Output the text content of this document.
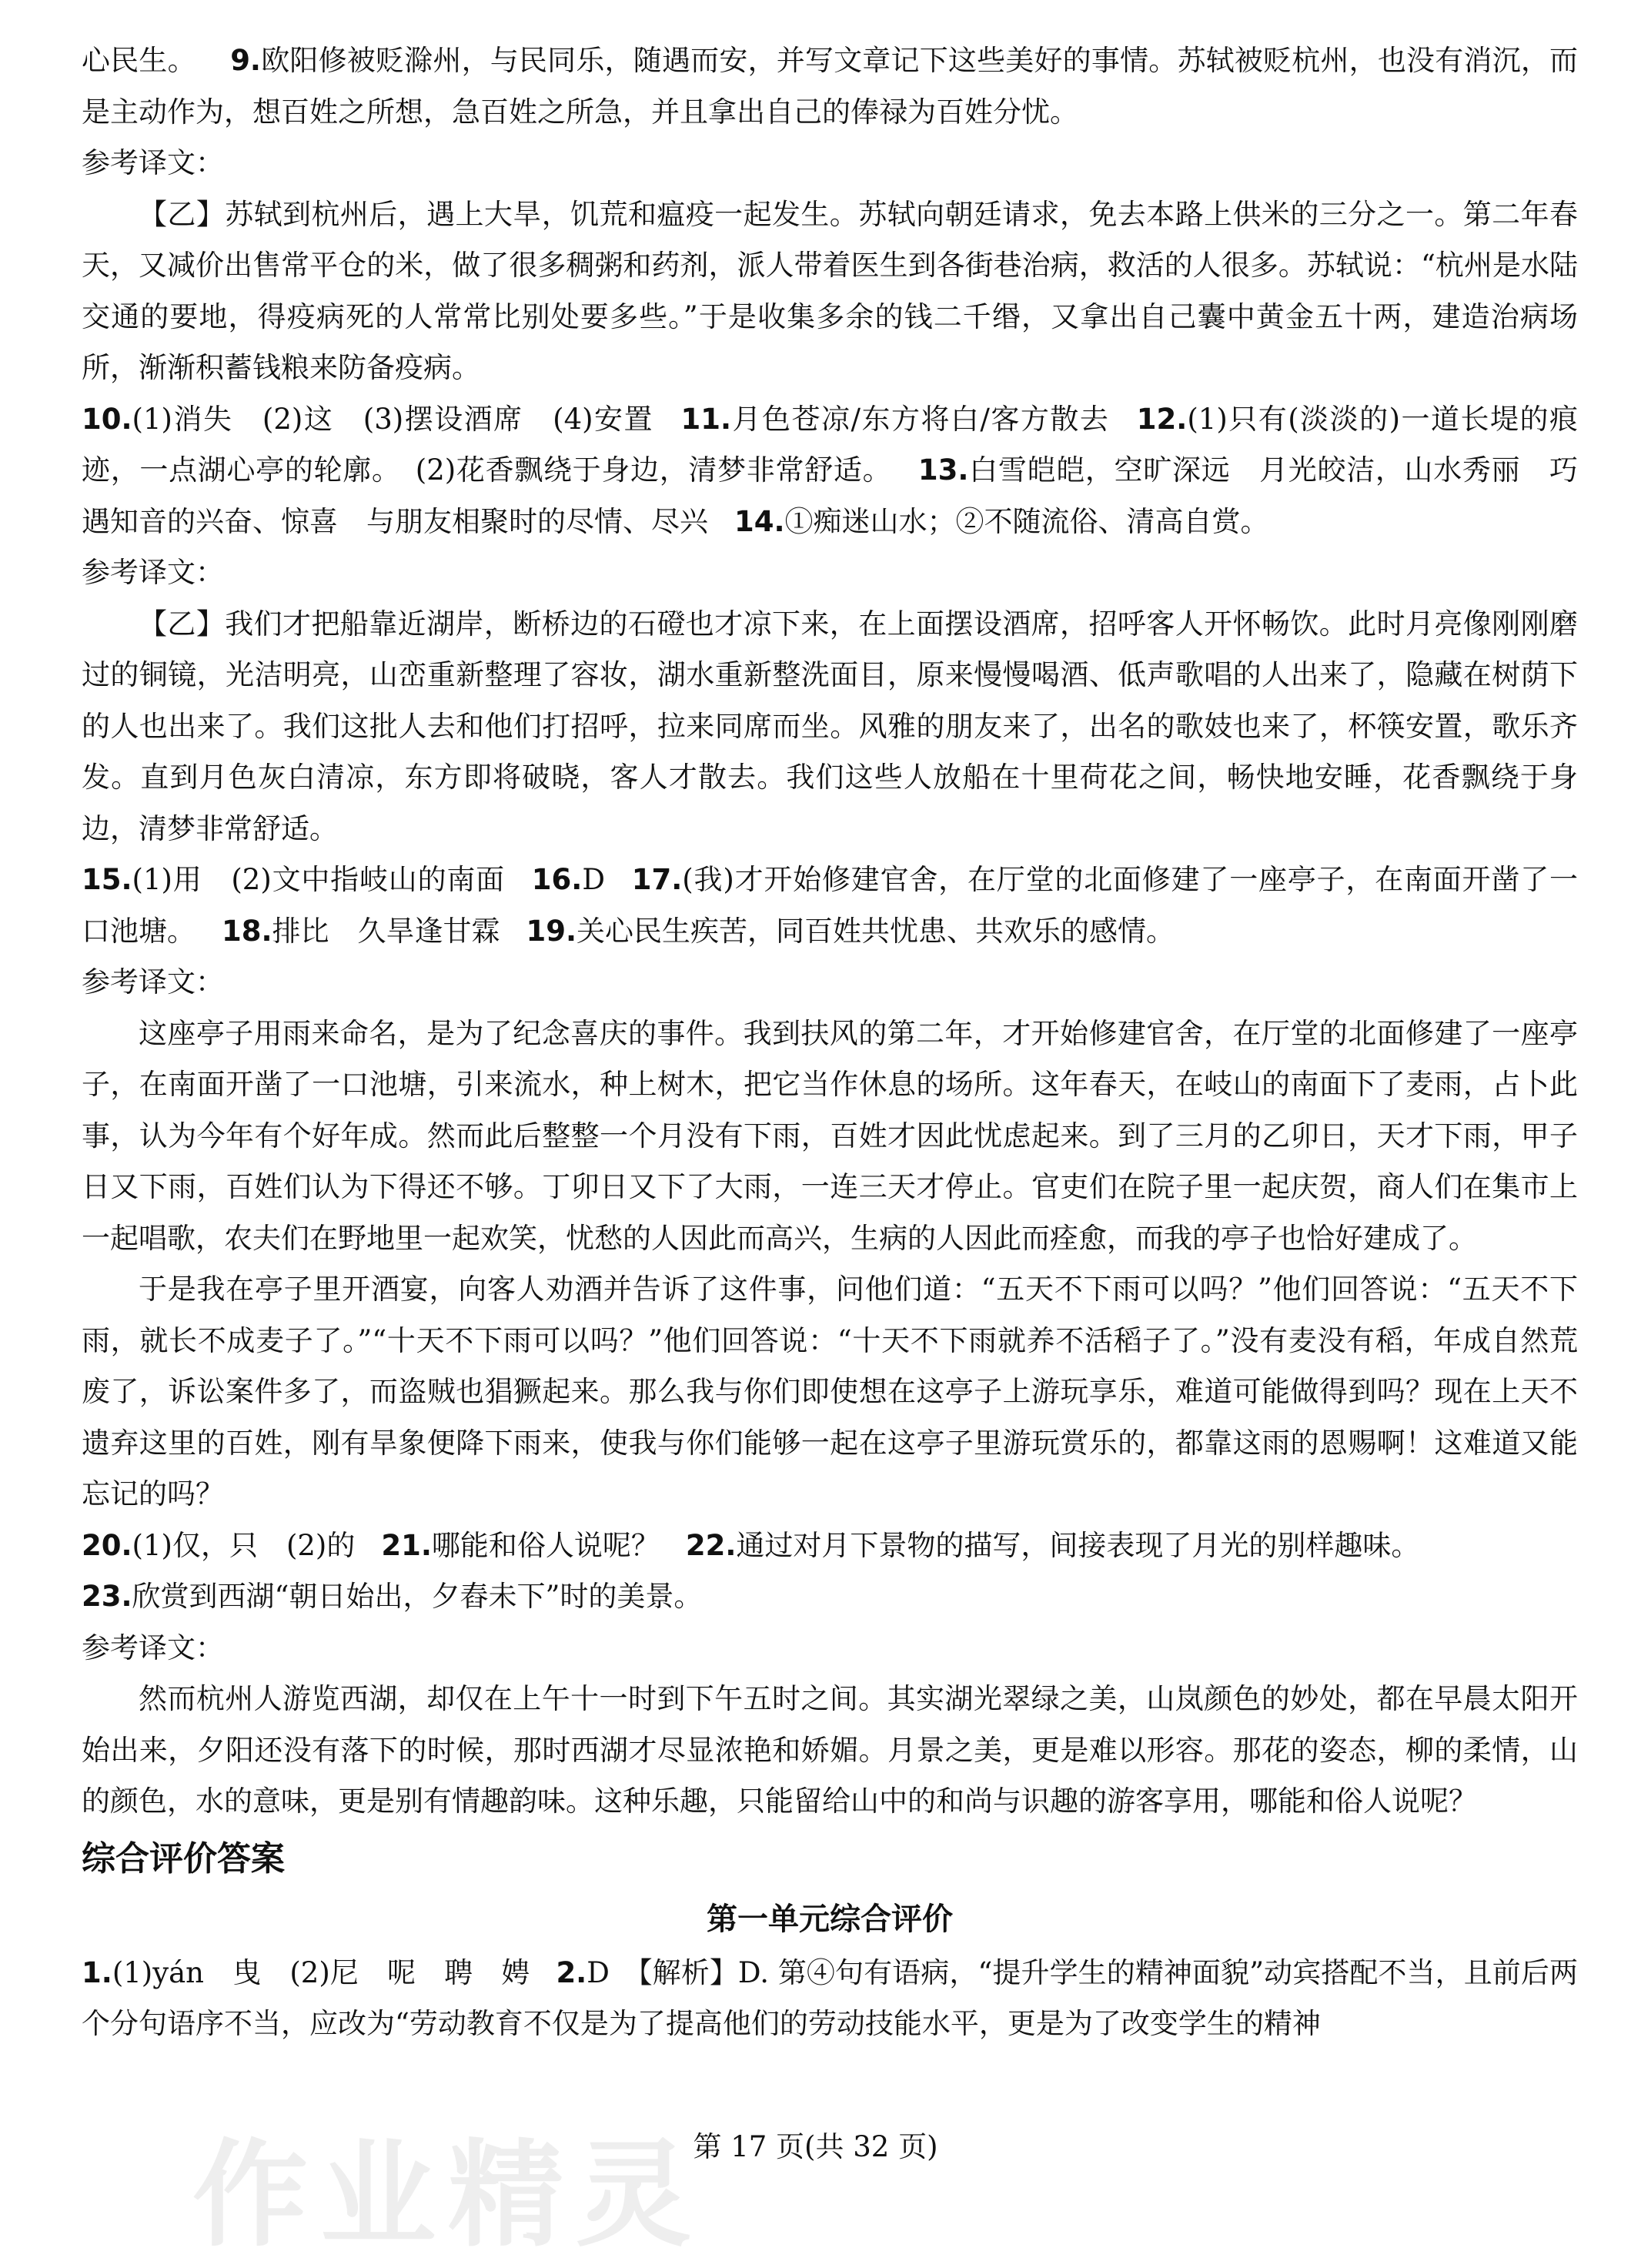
心民生。 9.欧阳修被贬滁州，与民同乐，随遇而安，并写文章记下这些美好的事情。苏轼被贬杭州，也没有消沉，而是主动作为，想百姓之所想，急百姓之所急，并且拿出自己的俸禄为百姓分忧。

参考译文：

【乙】苏轼到杭州后，遇上大旱，饥荒和瘟疫一起发生。苏轼向朝廷请求，免去本路上供米的三分之一。第二年春天，又减价出售常平仓的米，做了很多稠粥和药剂，派人带着医生到各街巷治病，救活的人很多。苏轼说：“杭州是水陆交通的要地，得疫病死的人常常比别处要多些。”于是收集多余的钱二千缗，又拿出自己囊中黄金五十两，建造治病场所，渐渐积蓄钱粮来防备疫病。

10.(1)消失　(2)这　(3)摆设酒席　(4)安置 11.月色苍凉/东方将白/客方散去 12.(1)只有(淡淡的)一道长堤的痕迹，一点湖心亭的轮廓。　(2)花香飘绕于身边，清梦非常舒适。 13.白雪皑皑，空旷深远　月光皎洁，山水秀丽　巧遇知音的兴奋、惊喜　与朋友相聚时的尽情、尽兴 14.①痴迷山水；②不随流俗、清高自赏。

参考译文：

【乙】我们才把船靠近湖岸，断桥边的石磴也才凉下来，在上面摆设酒席，招呼客人开怀畅饮。此时月亮像刚刚磨过的铜镜，光洁明亮，山峦重新整理了容妆，湖水重新整洗面目，原来慢慢喝酒、低声歌唱的人出来了，隐藏在树荫下的人也出来了。我们这批人去和他们打招呼，拉来同席而坐。风雅的朋友来了，出名的歌妓也来了，杯筷安置，歌乐齐发。直到月色灰白清凉，东方即将破晓，客人才散去。我们这些人放船在十里荷花之间，畅快地安睡，花香飘绕于身边，清梦非常舒适。

15.(1)用　(2)文中指岐山的南面 16.D 17.(我)才开始修建官舍，在厅堂的北面修建了一座亭子，在南面开凿了一口池塘。 18.排比　久旱逢甘霖 19.关心民生疾苦，同百姓共忧患、共欢乐的感情。

参考译文：

这座亭子用雨来命名，是为了纪念喜庆的事件。我到扶风的第二年，才开始修建官舍，在厅堂的北面修建了一座亭子，在南面开凿了一口池塘，引来流水，种上树木，把它当作休息的场所。这年春天，在岐山的南面下了麦雨，占卜此事，认为今年有个好年成。然而此后整整一个月没有下雨，百姓才因此忧虑起来。到了三月的乙卯日，天才下雨，甲子日又下雨，百姓们认为下得还不够。丁卯日又下了大雨，一连三天才停止。官吏们在院子里一起庆贺，商人们在集市上一起唱歌，农夫们在野地里一起欢笑，忧愁的人因此而高兴，生病的人因此而痊愈，而我的亭子也恰好建成了。

于是我在亭子里开酒宴，向客人劝酒并告诉了这件事，问他们道：“五天不下雨可以吗？”他们回答说：“五天不下雨，就长不成麦子了。”“十天不下雨可以吗？”他们回答说：“十天不下雨就养不活稻子了。”没有麦没有稻，年成自然荒废了，诉讼案件多了，而盗贼也猖獗起来。那么我与你们即使想在这亭子上游玩享乐，难道可能做得到吗？现在上天不遗弃这里的百姓，刚有旱象便降下雨来，使我与你们能够一起在这亭子里游玩赏乐的，都靠这雨的恩赐啊！这难道又能忘记的吗？

20.(1)仅，只　(2)的 21.哪能和俗人说呢？ 22.通过对月下景物的描写，间接表现了月光的别样趣味。

23.欣赏到西湖“朝日始出，夕舂未下”时的美景。

参考译文：

然而杭州人游览西湖，却仅在上午十一时到下午五时之间。其实湖光翠绿之美，山岚颜色的妙处，都在早晨太阳开始出来，夕阳还没有落下的时候，那时西湖才尽显浓艳和娇媚。月景之美，更是难以形容。那花的姿态，柳的柔情，山的颜色，水的意味，更是别有情趣韵味。这种乐趣，只能留给山中的和尚与识趣的游客享用，哪能和俗人说呢？

综合评价答案
第一单元综合评价

1.(1)yán　曳　(2)尼　呢　聘　娉 2.D　【解析】D. 第④句有语病，“提升学生的精神面貌”动宾搭配不当，且前后两个分句语序不当，应改为“劳动教育不仅是为了提高他们的劳动技能水平，更是为了改变学生的精神

第 17 页(共 32 页)
作业精灵
